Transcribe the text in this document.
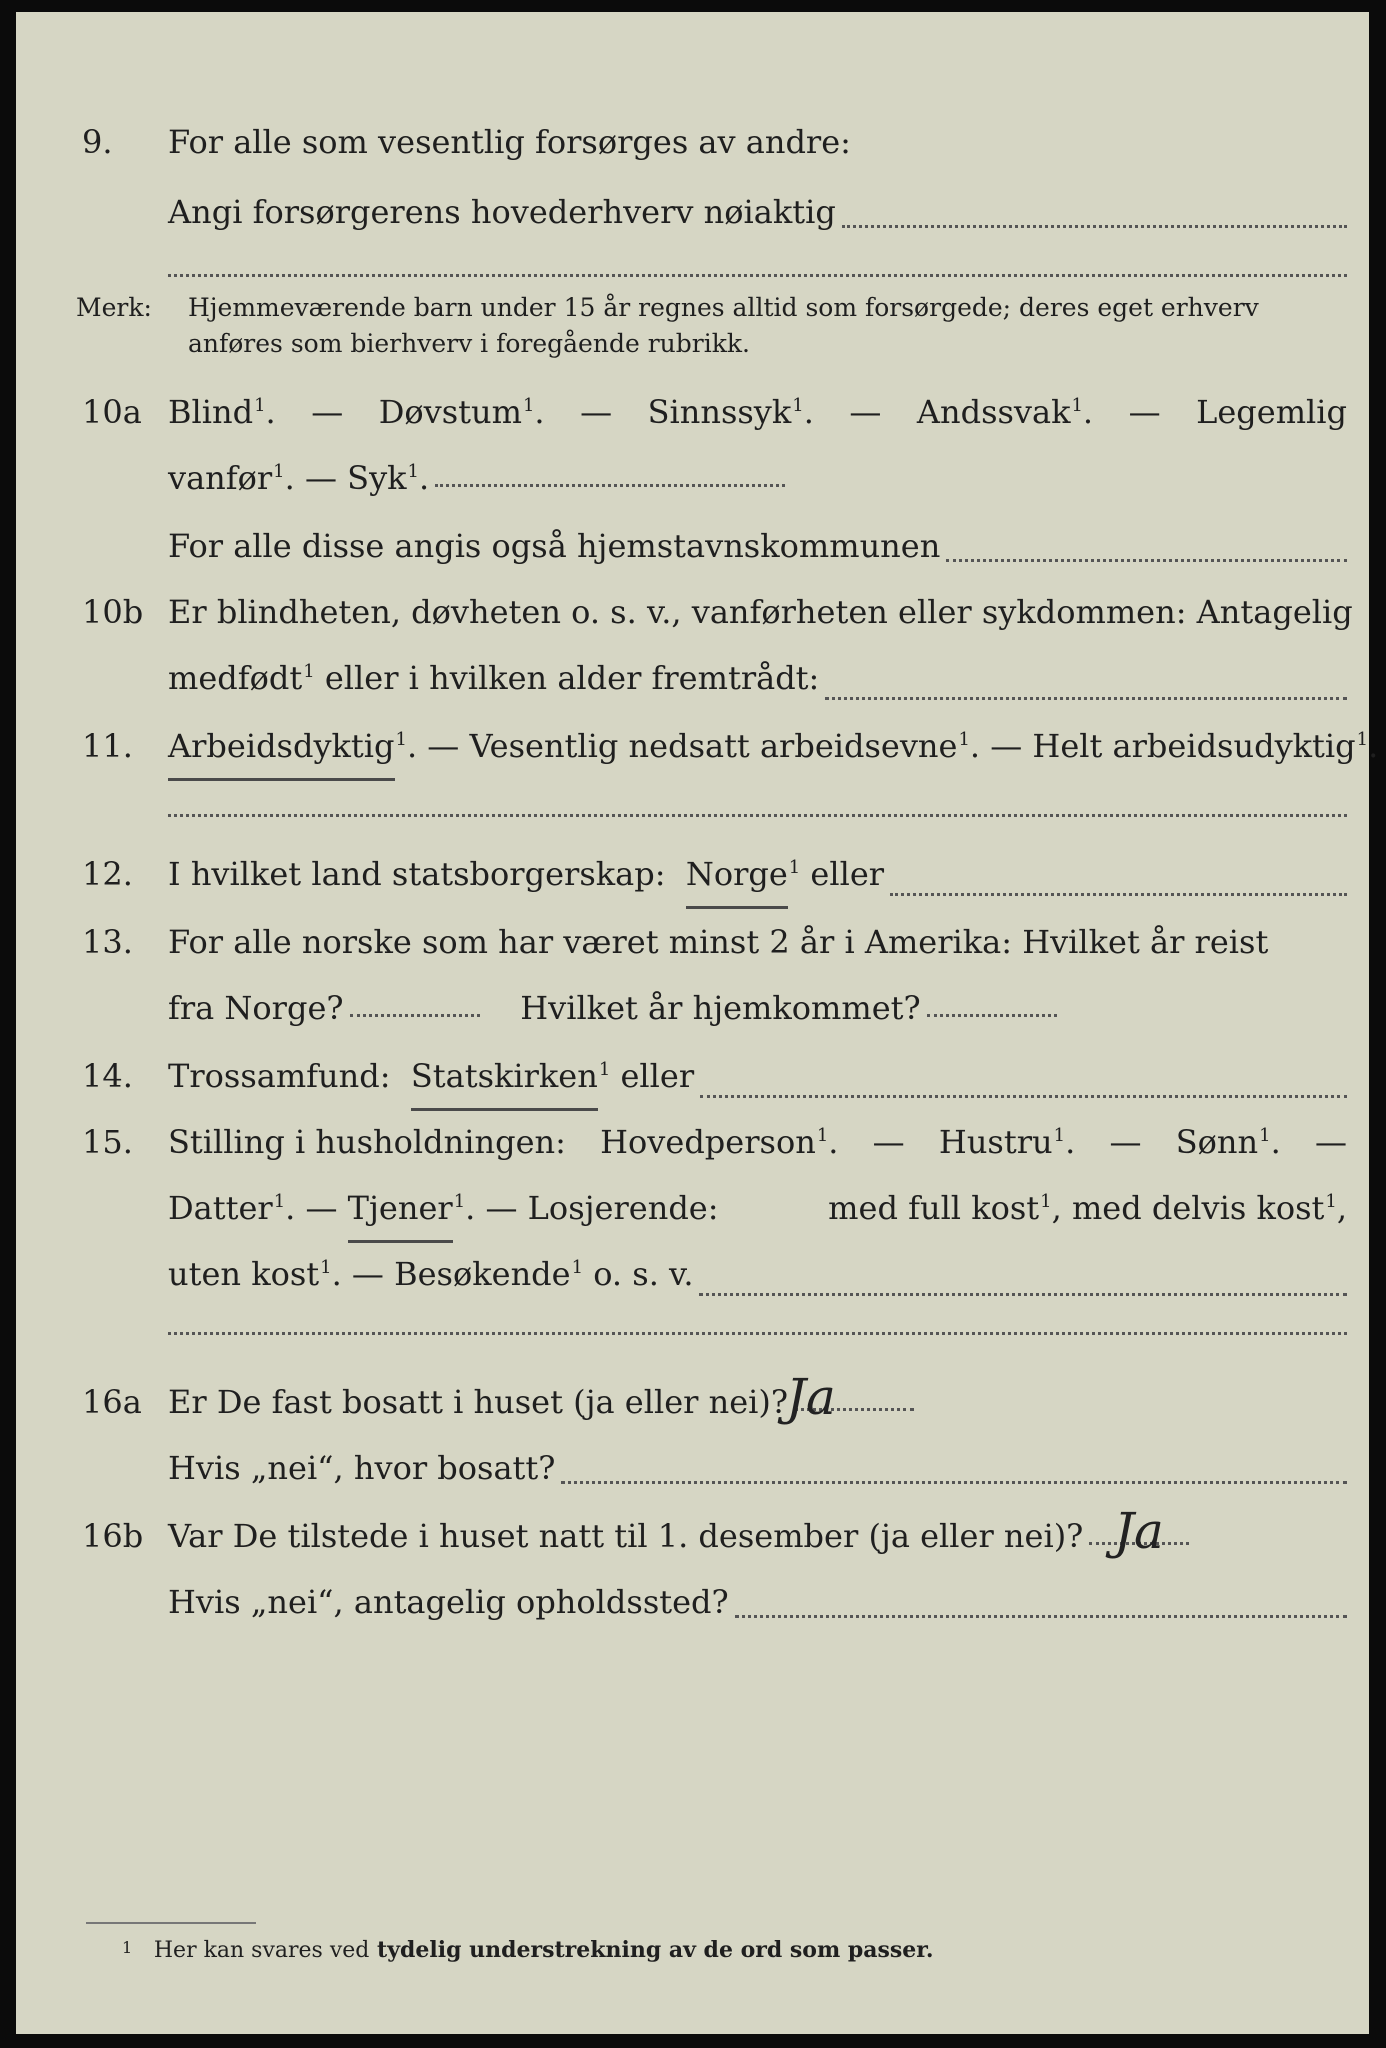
9. For alle som vesentlig forsørges av andre:
Angi forsørgerens hovederhverv nøiaktig
Merk: Hjemmeværende barn under 15 år regnes alltid som forsørgede; deres eget erhverv anføres som bierhverv i foregående rubrikk.
10a Blind 1 . — Døvstum 1 . — Sinnssyk 1 . — Andssvak 1 . — Legemlig
vanfør 1 . —
Syk 1 .
For alle disse angis også hjemstavnskommunen
10b Er blindheten, døvheten o. s. v., vanførheten eller sykdommen: Antagelig
medfødt 1
eller i hvilken alder fremtrådt:
11. Arbeidsdyktig 1 . — Vesentlig nedsatt arbeidsevne 1 . — Helt arbeidsudyktig 1 .
12. I hvilket land statsborgerskap:
Norge 1
eller
13. For alle norske som har været minst 2 år i Amerika: Hvilket år reist
fra Norge?
	Hvilket år hjemkommet?
14. Trossamfund:
Statskirken 1
eller
15. Stilling i husholdningen: Hovedperson 1 . — Hustru 1 . — Sønn 1 . —
Datter 1 . —
Tjener 1 . — Losjerende:	med full kost 1 , med delvis kost 1 ,
uten kost 1 . — Besøkende 1
o. s. v.
16a Er De fast bosatt i huset (ja eller nei)?
Ja
Hvis „nei“, hvor bosatt?
16b Var De tilstede i huset natt til 1. desember (ja eller nei)? Ja
Hvis „nei“, antagelig opholdssted?
1 Her kan svares ved tydelig understrekning av de ord som passer.
